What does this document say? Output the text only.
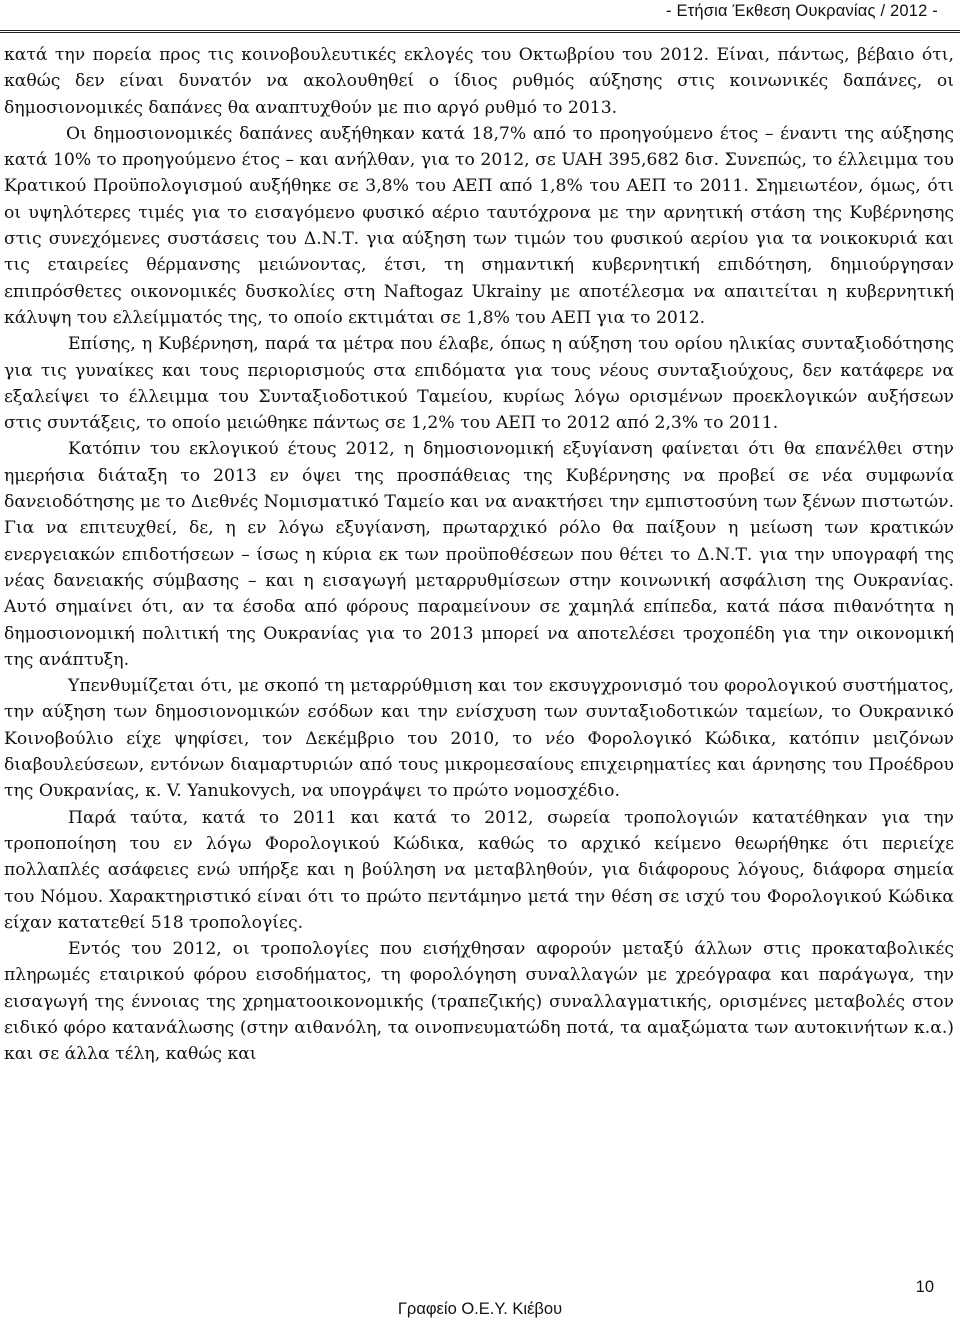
- Ετήσια Έκθεση Ουκρανίας / 2012 -

κατά την πορεία προς τις κοινοβουλευτικές εκλογές του Οκτωβρίου του 2012. Είναι, πάντως, βέβαιο ότι, καθώς δεν είναι δυνατόν να ακολουθηθεί ο ίδιος ρυθμός αύξησης στις κοινωνικές δαπάνες, οι δημοσιονομικές δαπάνες θα αναπτυχθούν με πιο αργό ρυθμό το 2013.

Οι δημοσιονομικές δαπάνες αυξήθηκαν κατά 18,7% από το προηγούμενο έτος – έναντι της αύξησης κατά 10% το προηγούμενο έτος – και ανήλθαν, για το 2012, σε UAH 395,682 δισ. Συνεπώς, το έλλειμμα του Κρατικού Προϋπολογισμού αυξήθηκε σε 3,8% του ΑΕΠ από 1,8% του ΑΕΠ το 2011. Σημειωτέον, όμως, ότι οι υψηλότερες τιμές για το εισαγόμενο φυσικό αέριο ταυτόχρονα με την αρνητική στάση της Κυβέρνησης στις συνεχόμενες συστάσεις του Δ.Ν.Τ. για αύξηση των τιμών του φυσικού αερίου για τα νοικοκυριά και τις εταιρείες θέρμανσης μειώνοντας, έτσι, τη σημαντική κυβερνητική επιδότηση, δημιούργησαν επιπρόσθετες οικονομικές δυσκολίες στη Naftogaz Ukrainy με αποτέλεσμα να απαιτείται η κυβερνητική κάλυψη του ελλείμματός της, το οποίο εκτιμάται σε 1,8% του ΑΕΠ για το 2012.

Επίσης, η Κυβέρνηση, παρά τα μέτρα που έλαβε, όπως η αύξηση του ορίου ηλικίας συνταξιοδότησης για τις γυναίκες και τους περιορισμούς στα επιδόματα για τους νέους συνταξιούχους, δεν κατάφερε να εξαλείψει το έλλειμμα του Συνταξιοδοτικού Ταμείου, κυρίως λόγω ορισμένων προεκλογικών αυξήσεων στις συντάξεις, το οποίο μειώθηκε πάντως σε 1,2% του ΑΕΠ το 2012 από 2,3% το 2011.

Κατόπιν του εκλογικού έτους 2012, η δημοσιονομική εξυγίανση φαίνεται ότι θα επανέλθει στην ημερήσια διάταξη το 2013 εν όψει της προσπάθειας της Κυβέρνησης να προβεί σε νέα συμφωνία δανειοδότησης με το Διεθνές Νομισματικό Ταμείο και να ανακτήσει την εμπιστοσύνη των ξένων πιστωτών. Για να επιτευχθεί, δε, η εν λόγω εξυγίανση, πρωταρχικό ρόλο θα παίξουν η μείωση των κρατικών ενεργειακών επιδοτήσεων – ίσως η κύρια εκ των προϋποθέσεων που θέτει το Δ.Ν.Τ. για την υπογραφή της νέας δανειακής σύμβασης – και η εισαγωγή μεταρρυθμίσεων στην κοινωνική ασφάλιση της Ουκρανίας. Αυτό σημαίνει ότι, αν τα έσοδα από φόρους παραμείνουν σε χαμηλά επίπεδα, κατά πάσα πιθανότητα η δημοσιονομική πολιτική της Ουκρανίας για το 2013 μπορεί να αποτελέσει τροχοπέδη για την οικονομική της ανάπτυξη.

Υπενθυμίζεται ότι, με σκοπό τη μεταρρύθμιση και τον εκσυγχρονισμό του φορολογικού συστήματος, την αύξηση των δημοσιονομικών εσόδων και την ενίσχυση των συνταξιοδοτικών ταμείων, το Ουκρανικό Κοινοβούλιο είχε ψηφίσει, τον Δεκέμβριο του 2010, το νέο Φορολογικό Κώδικα, κατόπιν μειζόνων διαβουλεύσεων, εντόνων διαμαρτυριών από τους μικρομεσαίους επιχειρηματίες και άρνησης του Προέδρου της Ουκρανίας, κ. V. Yanukovych, να υπογράψει το πρώτο νομοσχέδιο.

Παρά ταύτα, κατά το 2011 και κατά το 2012, σωρεία τροπολογιών κατατέθηκαν για την τροποποίηση του εν λόγω Φορολογικού Κώδικα, καθώς το αρχικό κείμενο θεωρήθηκε ότι περιείχε πολλαπλές ασάφειες ενώ υπήρξε και η βούληση να μεταβληθούν, για διάφορους λόγους, διάφορα σημεία του Νόμου. Χαρακτηριστικό είναι ότι το πρώτο πεντάμηνο μετά την θέση σε ισχύ του Φορολογικού Κώδικα είχαν κατατεθεί 518 τροπολογίες.

Εντός του 2012, οι τροπολογίες που εισήχθησαν αφορούν μεταξύ άλλων στις προκαταβολικές πληρωμές εταιρικού φόρου εισοδήματος, τη φορολόγηση συναλλαγών με χρεόγραφα και παράγωγα, την εισαγωγή της έννοιας της χρηματοοικονομικής (τραπεζικής) συναλλαγματικής, ορισμένες μεταβολές στον ειδικό φόρο κατανάλωσης (στην αιθανόλη, τα οινοπνευματώδη ποτά, τα αμαξώματα των αυτοκινήτων κ.α.) και σε άλλα τέλη, καθώς και

10
Γραφείο Ο.Ε.Υ. Κιέβου
